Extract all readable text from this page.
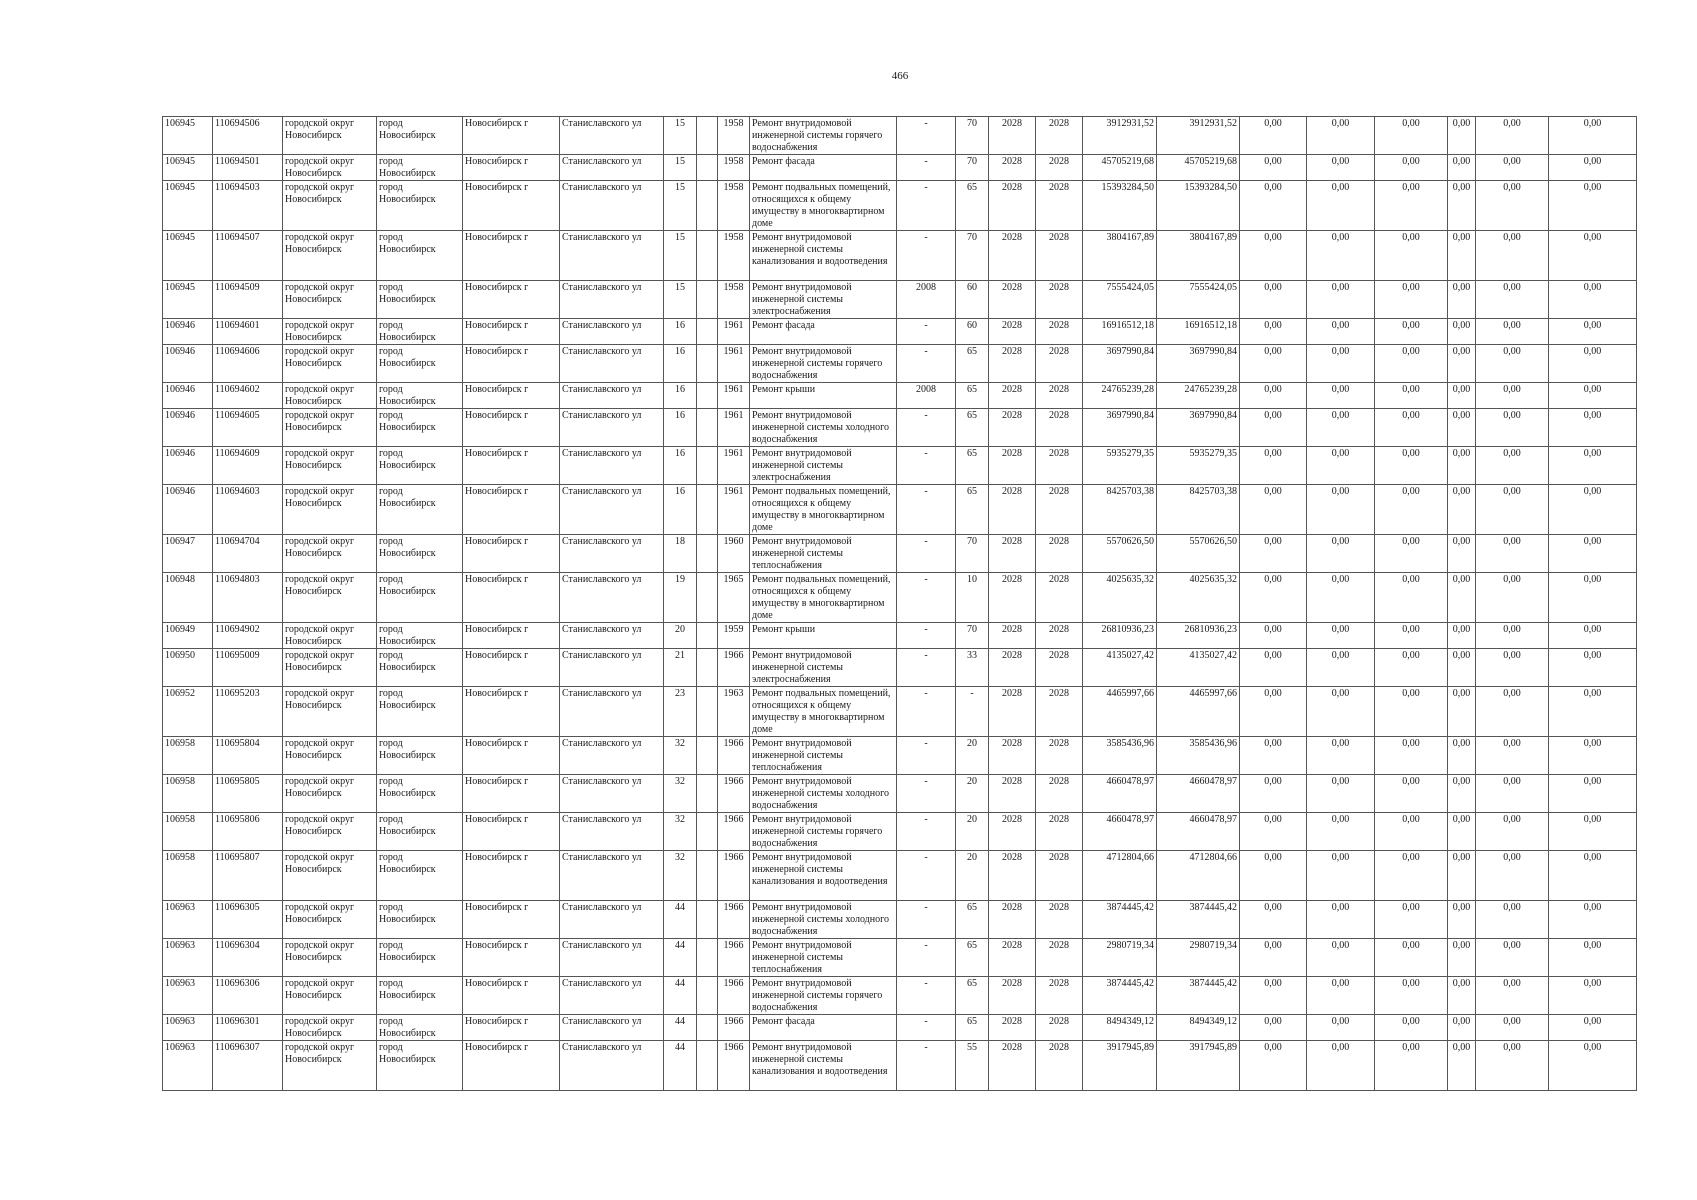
466
106945	110694506	городской округ Новосибирск	город Новосибирск	Новосибирск г	Станиславского ул	15		1958	Ремонт внутридомовой инженерной системы горячего водоснабжения	-	70	2028	2028	3912931,52	3912931,52	0,00	0,00	0,00	0,00	0,00	0,00
106945	110694501	городской округ Новосибирск	город Новосибирск	Новосибирск г	Станиславского ул	15		1958	Ремонт фасада	-	70	2028	2028	45705219,68	45705219,68	0,00	0,00	0,00	0,00	0,00	0,00
106945	110694503	городской округ Новосибирск	город Новосибирск	Новосибирск г	Станиславского ул	15		1958	Ремонт подвальных помещений, относящихся к общему имуществу в многоквартирном доме	-	65	2028	2028	15393284,50	15393284,50	0,00	0,00	0,00	0,00	0,00	0,00
106945	110694507	городской округ Новосибирск	город Новосибирск	Новосибирск г	Станиславского ул	15		1958	Ремонт внутридомовой инженерной системы канализования и водоотведения	-	70	2028	2028	3804167,89	3804167,89	0,00	0,00	0,00	0,00	0,00	0,00
106945	110694509	городской округ Новосибирск	город Новосибирск	Новосибирск г	Станиславского ул	15		1958	Ремонт внутридомовой инженерной системы электроснабжения	2008	60	2028	2028	7555424,05	7555424,05	0,00	0,00	0,00	0,00	0,00	0,00
106946	110694601	городской округ Новосибирск	город Новосибирск	Новосибирск г	Станиславского ул	16		1961	Ремонт фасада	-	60	2028	2028	16916512,18	16916512,18	0,00	0,00	0,00	0,00	0,00	0,00
106946	110694606	городской округ Новосибирск	город Новосибирск	Новосибирск г	Станиславского ул	16		1961	Ремонт внутридомовой инженерной системы горячего водоснабжения	-	65	2028	2028	3697990,84	3697990,84	0,00	0,00	0,00	0,00	0,00	0,00
106946	110694602	городской округ Новосибирск	город Новосибирск	Новосибирск г	Станиславского ул	16		1961	Ремонт крыши	2008	65	2028	2028	24765239,28	24765239,28	0,00	0,00	0,00	0,00	0,00	0,00
106946	110694605	городской округ Новосибирск	город Новосибирск	Новосибирск г	Станиславского ул	16		1961	Ремонт внутридомовой инженерной системы холодного водоснабжения	-	65	2028	2028	3697990,84	3697990,84	0,00	0,00	0,00	0,00	0,00	0,00
106946	110694609	городской округ Новосибирск	город Новосибирск	Новосибирск г	Станиславского ул	16		1961	Ремонт внутридомовой инженерной системы электроснабжения	-	65	2028	2028	5935279,35	5935279,35	0,00	0,00	0,00	0,00	0,00	0,00
106946	110694603	городской округ Новосибирск	город Новосибирск	Новосибирск г	Станиславского ул	16		1961	Ремонт подвальных помещений, относящихся к общему имуществу в многоквартирном доме	-	65	2028	2028	8425703,38	8425703,38	0,00	0,00	0,00	0,00	0,00	0,00
106947	110694704	городской округ Новосибирск	город Новосибирск	Новосибирск г	Станиславского ул	18		1960	Ремонт внутридомовой инженерной системы теплоснабжения	-	70	2028	2028	5570626,50	5570626,50	0,00	0,00	0,00	0,00	0,00	0,00
106948	110694803	городской округ Новосибирск	город Новосибирск	Новосибирск г	Станиславского ул	19		1965	Ремонт подвальных помещений, относящихся к общему имуществу в многоквартирном доме	-	10	2028	2028	4025635,32	4025635,32	0,00	0,00	0,00	0,00	0,00	0,00
106949	110694902	городской округ Новосибирск	город Новосибирск	Новосибирск г	Станиславского ул	20		1959	Ремонт крыши	-	70	2028	2028	26810936,23	26810936,23	0,00	0,00	0,00	0,00	0,00	0,00
106950	110695009	городской округ Новосибирск	город Новосибирск	Новосибирск г	Станиславского ул	21		1966	Ремонт внутридомовой инженерной системы электроснабжения	-	33	2028	2028	4135027,42	4135027,42	0,00	0,00	0,00	0,00	0,00	0,00
106952	110695203	городской округ Новосибирск	город Новосибирск	Новосибирск г	Станиславского ул	23		1963	Ремонт подвальных помещений, относящихся к общему имуществу в многоквартирном доме	-	-	2028	2028	4465997,66	4465997,66	0,00	0,00	0,00	0,00	0,00	0,00
106958	110695804	городской округ Новосибирск	город Новосибирск	Новосибирск г	Станиславского ул	32		1966	Ремонт внутридомовой инженерной системы теплоснабжения	-	20	2028	2028	3585436,96	3585436,96	0,00	0,00	0,00	0,00	0,00	0,00
106958	110695805	городской округ Новосибирск	город Новосибирск	Новосибирск г	Станиславского ул	32		1966	Ремонт внутридомовой инженерной системы холодного водоснабжения	-	20	2028	2028	4660478,97	4660478,97	0,00	0,00	0,00	0,00	0,00	0,00
106958	110695806	городской округ Новосибирск	город Новосибирск	Новосибирск г	Станиславского ул	32		1966	Ремонт внутридомовой инженерной системы горячего водоснабжения	-	20	2028	2028	4660478,97	4660478,97	0,00	0,00	0,00	0,00	0,00	0,00
106958	110695807	городской округ Новосибирск	город Новосибирск	Новосибирск г	Станиславского ул	32		1966	Ремонт внутридомовой инженерной системы канализования и водоотведения	-	20	2028	2028	4712804,66	4712804,66	0,00	0,00	0,00	0,00	0,00	0,00
106963	110696305	городской округ Новосибирск	город Новосибирск	Новосибирск г	Станиславского ул	44		1966	Ремонт внутридомовой инженерной системы холодного водоснабжения	-	65	2028	2028	3874445,42	3874445,42	0,00	0,00	0,00	0,00	0,00	0,00
106963	110696304	городской округ Новосибирск	город Новосибирск	Новосибирск г	Станиславского ул	44		1966	Ремонт внутридомовой инженерной системы теплоснабжения	-	65	2028	2028	2980719,34	2980719,34	0,00	0,00	0,00	0,00	0,00	0,00
106963	110696306	городской округ Новосибирск	город Новосибирск	Новосибирск г	Станиславского ул	44		1966	Ремонт внутридомовой инженерной системы горячего водоснабжения	-	65	2028	2028	3874445,42	3874445,42	0,00	0,00	0,00	0,00	0,00	0,00
106963	110696301	городской округ Новосибирск	город Новосибирск	Новосибирск г	Станиславского ул	44		1966	Ремонт фасада	-	65	2028	2028	8494349,12	8494349,12	0,00	0,00	0,00	0,00	0,00	0,00
106963	110696307	городской округ Новосибирск	город Новосибирск	Новосибирск г	Станиславского ул	44		1966	Ремонт внутридомовой инженерной системы канализования и водоотведения	-	55	2028	2028	3917945,89	3917945,89	0,00	0,00	0,00	0,00	0,00	0,00
